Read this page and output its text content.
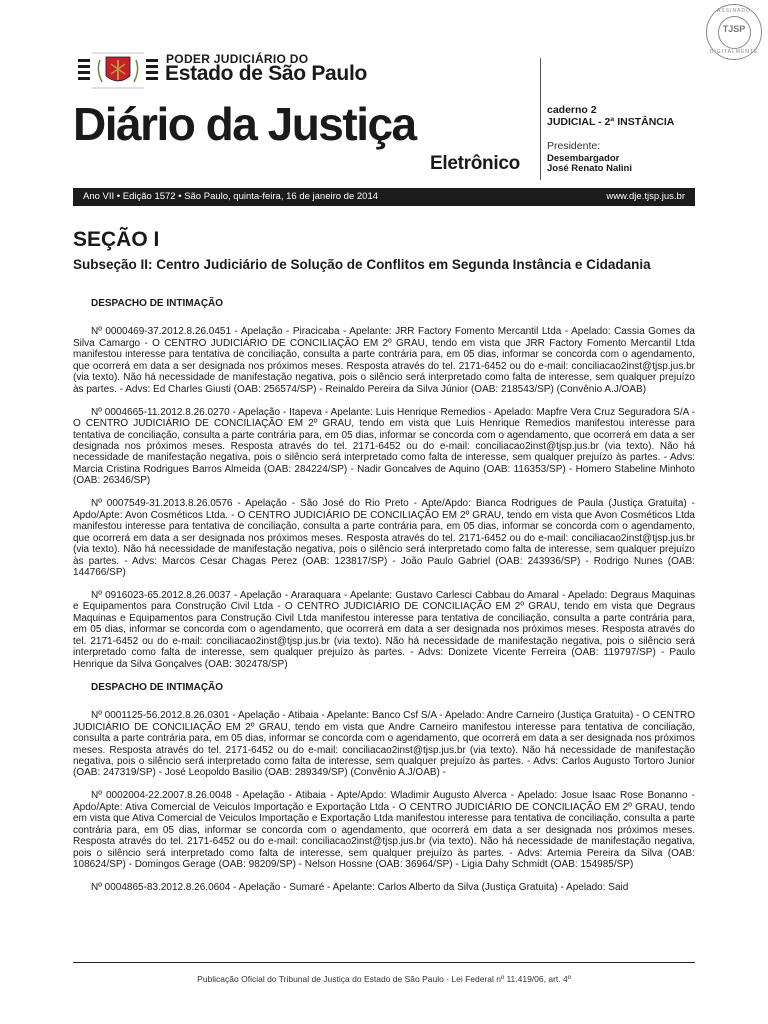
ASSINADO
TJSP
DIGITALMENTE
PODER JUDICIÁRIO DO
Estado de São Paulo
Diário da Justiça
Eletrônico
caderno 2
JUDICIAL - 2ª INSTÂNCIA
Presidente:
Desembargador
José Renato Nalini
Ano VII • Edição 1572 • São Paulo, quinta-feira, 16 de janeiro de 2014	www.dje.tjsp.jus.br
SEÇÃO I
Subseção II: Centro Judiciário de Solução de Conflitos em Segunda Instância e Cidadania
DESPACHO DE INTIMAÇÃO

Nº 0000469-37.2012.8.26.0451 - Apelação - Piracicaba - Apelante: JRR Factory Fomento Mercantil Ltda - Apelado: Cassia Gomes da Silva Camargo - O CENTRO JUDICIÁRIO DE CONCILIAÇÃO EM 2º GRAU, tendo em vista que JRR Factory Fomento Mercantil Ltda manifestou interesse para tentativa de conciliação, consulta a parte contrária para, em 05 dias, informar se concorda com o agendamento, que ocorrerá em data a ser designada nos próximos meses. Resposta através do tel. 2171-6452 ou do e-mail: conciliacao2inst@tjsp.jus.br (via texto). Não há necessidade de manifestação negativa, pois o silêncio será interpretado como falta de interesse, sem qualquer prejuízo às partes. - Advs: Ed Charles Giusti (OAB: 256574/SP) - Reinaldo Pereira da Silva Júnior (OAB: 218543/SP) (Convênio A.J/OAB)

Nº 0004665-11.2012.8.26.0270 - Apelação - Itapeva - Apelante: Luis Henrique Remedios - Apelado: Mapfre Vera Cruz Seguradora S/A - O CENTRO JUDICIÁRIO DE CONCILIAÇÃO EM 2º GRAU, tendo em vista que Luis Henrique Remedios manifestou interesse para tentativa de conciliação, consulta a parte contrária para, em 05 dias, informar se concorda com o agendamento, que ocorrerá em data a ser designada nos próximos meses. Resposta através do tel. 2171-6452 ou do e-mail: conciliacao2inst@tjsp.jus.br (via texto). Não há necessidade de manifestação negativa, pois o silêncio será interpretado como falta de interesse, sem qualquer prejuízo às partes. - Advs: Marcia Cristina Rodrigues Barros Almeida (OAB: 284224/SP) - Nadir Goncalves de Aquino (OAB: 116353/SP) - Homero Stabeline Minhoto (OAB: 26346/SP)

Nº 0007549-31.2013.8.26.0576 - Apelação - São José do Rio Preto - Apte/Apdo: Bianca Rodrigues de Paula (Justiça Gratuita) - Apdo/Apte: Avon Cosméticos Ltda. - O CENTRO JUDICIÁRIO DE CONCILIAÇÃO EM 2º GRAU, tendo em vista que Avon Cosméticos Ltda manifestou interesse para tentativa de conciliação, consulta a parte contrária para, em 05 dias, informar se concorda com o agendamento, que ocorrerá em data a ser designada nos próximos meses. Resposta através do tel. 2171-6452 ou do e-mail: conciliacao2inst@tjsp.jus.br (via texto). Não há necessidade de manifestação negativa, pois o silêncio será interpretado como falta de interesse, sem qualquer prejuízo às partes. - Advs: Marcos Cesar Chagas Perez (OAB: 123817/SP) - João Paulo Gabriel (OAB: 243936/SP) - Rodrigo Nunes (OAB: 144766/SP)

Nº 0916023-65.2012.8.26.0037 - Apelação - Araraquara - Apelante: Gustavo Carlesci Cabbau do Amaral - Apelado: Degraus Maquinas e Equipamentos para Construção Civil Ltda - O CENTRO JUDICIÁRIO DE CONCILIAÇÃO EM 2º GRAU, tendo em vista que Degraus Maquinas e Equipamentos para Construção Civil Ltda manifestou interesse para tentativa de conciliação, consulta a parte contrária para, em 05 dias, informar se concorda com o agendamento, que ocorrerá em data a ser designada nos próximos meses. Resposta através do tel. 2171-6452 ou do e-mail: conciliacao2inst@tjsp.jus.br (via texto). Não há necessidade de manifestação negativa, pois o silêncio será interpretado como falta de interesse, sem qualquer prejuízo às partes. - Advs: Donizete Vicente Ferreira (OAB: 119797/SP) - Paulo Henrique da Silva Gonçalves (OAB: 302478/SP)

DESPACHO DE INTIMAÇÃO

Nº 0001125-56.2012.8.26.0301 - Apelação - Atibaia - Apelante: Banco Csf S/A - Apelado: Andre Carneiro (Justiça Gratuita) - O CENTRO JUDICIÁRIO DE CONCILIAÇÃO EM 2º GRAU, tendo em vista que Andre Carneiro manifestou interesse para tentativa de conciliação, consulta a parte contrária para, em 05 dias, informar se concorda com o agendamento, que ocorrerá em data a ser designada nos próximos meses. Resposta através do tel. 2171-6452 ou do e-mail: conciliacao2inst@tjsp.jus.br (via texto). Não há necessidade de manifestação negativa, pois o silêncio será interpretado como falta de interesse, sem qualquer prejuízo às partes. - Advs: Carlos Augusto Tortoro Junior (OAB: 247319/SP) - José Leopoldo Basilio (OAB: 289349/SP) (Convênio A.J/OAB) -

Nº 0002004-22.2007.8.26.0048 - Apelação - Atibaia - Apte/Apdo: Wladimir Augusto Alverca - Apelado: Josue Isaac Rose Bonanno - Apdo/Apte: Ativa Comercial de Veiculos Importação e Exportação Ltda - O CENTRO JUDICIÁRIO DE CONCILIAÇÃO EM 2º GRAU, tendo em vista que Ativa Comercial de Veiculos Importação e Exportação Ltda manifestou interesse para tentativa de conciliação, consulta a parte contrária para, em 05 dias, informar se concorda com o agendamento, que ocorrerá em data a ser designada nos próximos meses. Resposta através do tel. 2171-6452 ou do e-mail: conciliacao2inst@tjsp.jus.br (via texto). Não há necessidade de manifestação negativa, pois o silêncio será interpretado como falta de interesse, sem qualquer prejuízo às partes. - Advs: Artemia Pereira da Silva (OAB: 108624/SP) - Domingos Gerage (OAB: 98209/SP) - Nelson Hossne (OAB: 36964/SP) - Ligia Dahy Schmidt (OAB: 154985/SP)

Nº 0004865-83.2012.8.26.0604 - Apelação - Sumaré - Apelante: Carlos Alberto da Silva (Justiça Gratuita) - Apelado: Said

Publicação Oficial do Tribunal de Justiça do Estado de São Paulo - Lei Federal nº 11.419/06, art. 4º
